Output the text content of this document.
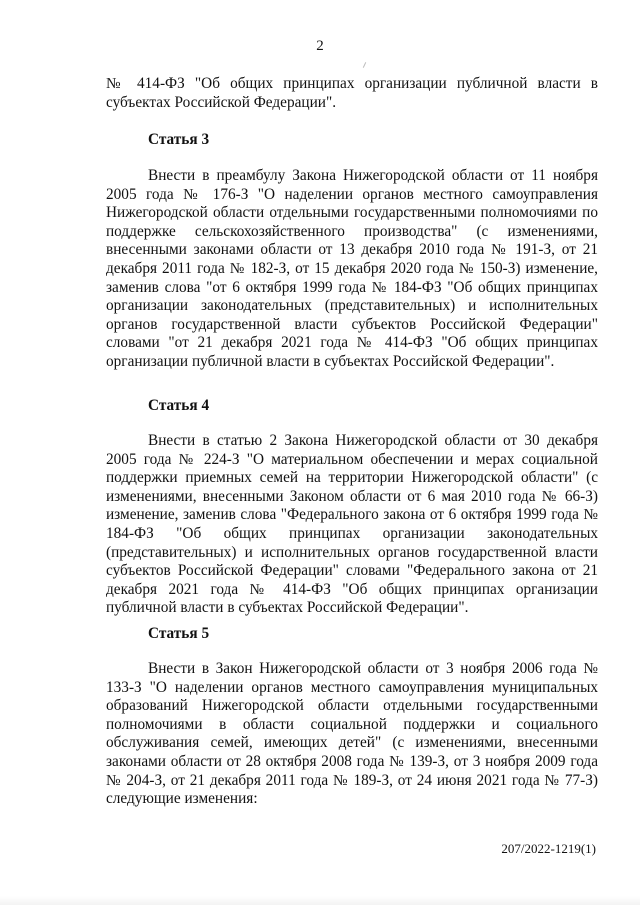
2

№ 414-ФЗ "Об общих принципах организации публичной власти в субъектах Российской Федерации".

Статья 3

Внести в преамбулу Закона Нижегородской области от 11 ноября 2005 года № 176-З "О наделении органов местного самоуправления Нижегородской области отдельными государственными полномочиями по поддержке сельскохозяйственного производства" (с изменениями, внесенными законами области от 13 декабря 2010 года № 191-З, от 21 декабря 2011 года № 182-З, от 15 декабря 2020 года № 150-З) изменение, заменив слова "от 6 октября 1999 года № 184-ФЗ "Об общих принципах организации законодательных (представительных) и исполнительных органов государственной власти субъектов Российской Федерации" словами "от 21 декабря 2021 года № 414-ФЗ "Об общих принципах организации публичной власти в субъектах Российской Федерации".

Статья 4

Внести в статью 2 Закона Нижегородской области от 30 декабря 2005 года № 224-З "О материальном обеспечении и мерах социальной поддержки приемных семей на территории Нижегородской области" (с изменениями, внесенными Законом области от 6 мая 2010 года № 66-З) изменение, заменив слова "Федерального закона от 6 октября 1999 года № 184-ФЗ "Об общих принципах организации законодательных (представительных) и исполнительных органов государственной власти субъектов Российской Федерации" словами "Федерального закона от 21 декабря 2021 года № 414-ФЗ "Об общих принципах организации публичной власти в субъектах Российской Федерации".

Статья 5

Внести в Закон Нижегородской области от 3 ноября 2006 года № 133-З "О наделении органов местного самоуправления муниципальных образований Нижегородской области отдельными государственными полномочиями в области социальной поддержки и социального обслуживания семей, имеющих детей" (с изменениями, внесенными законами области от 28 октября 2008 года № 139-З, от 3 ноября 2009 года № 204-З, от 21 декабря 2011 года № 189-З, от 24 июня 2021 года № 77-З) следующие изменения:

207/2022-1219(1)
